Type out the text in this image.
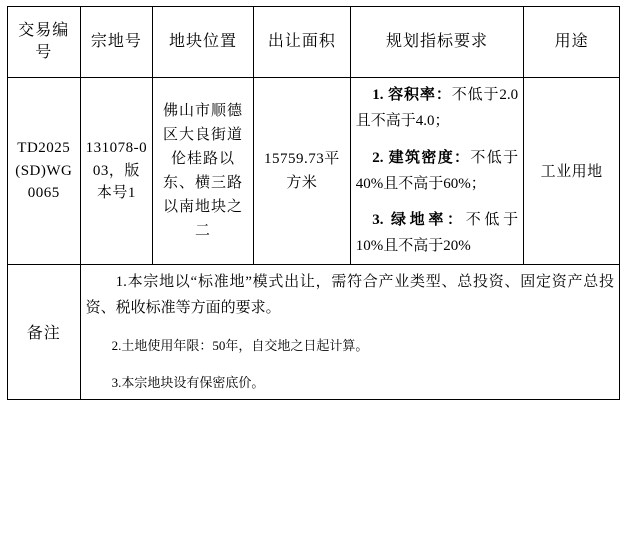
交易编号	宗地号	地块位置	出让面积	规划指标要求	用途
TD2025(SD)WG0065	131078-003，版本号1	佛山市顺德区大良街道伦桂路以东、横三路以南地块之二	15759.73平方米	1. 容积率：不低于2.0且不高于4.0；

2. 建筑密度：不低于40%且不高于60%；

3. 绿地率：不低于10%且不高于20%	工业用地
备注	1.本宗地以“标准地”模式出让，需符合产业类型、总投资、固定资产总投资、税收标准等方面的要求。

2.土地使用年限：50年，自交地之日起计算。

3.本宗地块设有保密底价。				
